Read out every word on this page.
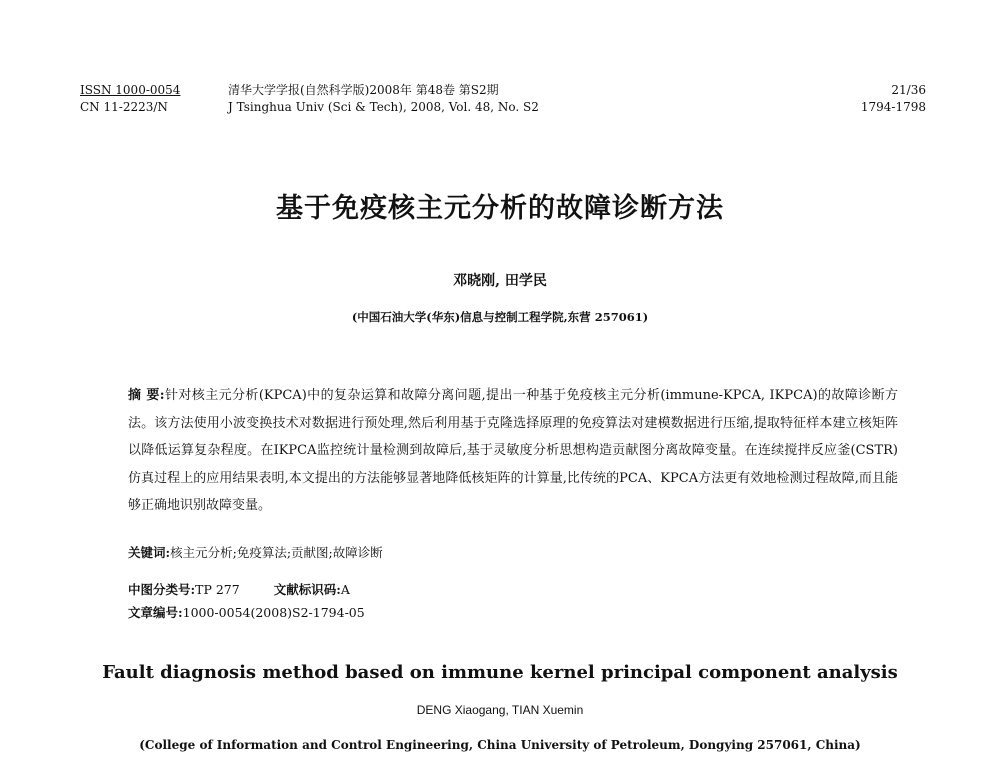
ISSN 1000-0054
CN 11-2223/N
清华大学学报(自然科学版)2008年 第48卷 第S2期
J Tsinghua Univ (Sci & Tech), 2008, Vol. 48, No. S2
21/36
1794-1798
基于免疫核主元分析的故障诊断方法
邓晓刚, 田学民
(中国石油大学(华东)信息与控制工程学院,东营 257061)
摘 要:针对核主元分析(KPCA)中的复杂运算和故障分离问题,提出一种基于免疫核主元分析(immune-KPCA, IKPCA)的故障诊断方法。该方法使用小波变换技术对数据进行预处理,然后利用基于克隆选择原理的免疫算法对建模数据进行压缩,提取特征样本建立核矩阵以降低运算复杂程度。在IKPCA监控统计量检测到故障后,基于灵敏度分析思想构造贡献图分离故障变量。在连续搅拌反应釜(CSTR)仿真过程上的应用结果表明,本文提出的方法能够显著地降低核矩阵的计算量,比传统的PCA、KPCA方法更有效地检测过程故障,而且能够正确地识别故障变量。
关键词:核主元分析;免疫算法;贡献图;故障诊断
中图分类号:TP 277	文献标识码:A
文章编号:1000-0054(2008)S2-1794-05
Fault diagnosis method based on immune kernel principal component analysis
DENG Xiaogang, TIAN Xuemin
(College of Information and Control Engineering, China University of Petroleum, Dongying 257061, China)
